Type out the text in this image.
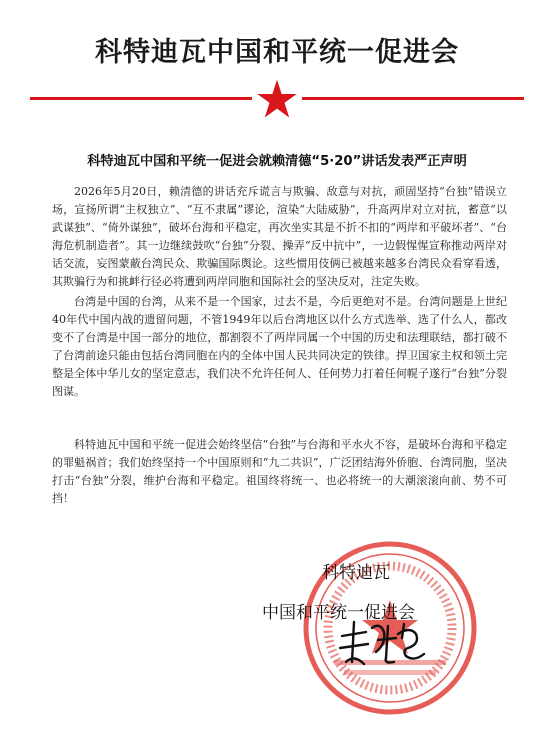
科特迪瓦中国和平统一促进会
科特迪瓦中国和平统一促进会就赖清德“5·20”讲话发表严正声明

2026年5月20日，赖清德的讲话充斥谎言与欺骗、敌意与对抗，顽固坚持“台独”错误立场，宣扬所谓“主权独立”、“互不隶属”谬论，渲染“大陆威胁”，升高两岸对立对抗，蓄意“以武谋独”、“倚外谋独”，破坏台海和平稳定，再次坐实其是不折不扣的“两岸和平破坏者”、“台海危机制造者”。其一边继续鼓吹“台独”分裂、操弄“反中抗中”，一边假惺惺宣称推动两岸对话交流，妄图蒙蔽台湾民众、欺骗国际舆论。这些惯用伎俩已被越来越多台湾民众看穿看透，其欺骗行为和挑衅行径必将遭到两岸同胞和国际社会的坚决反对，注定失败。

台湾是中国的台湾，从来不是一个国家，过去不是，今后更绝对不是。台湾问题是上世纪40年代中国内战的遗留问题，不管1949年以后台湾地区以什么方式选举、选了什么人，都改变不了台湾是中国一部分的地位，都割裂不了两岸同属一个中国的历史和法理联结，都打破不了台湾前途只能由包括台湾同胞在内的全体中国人民共同决定的铁律。捍卫国家主权和领土完整是全体中华儿女的坚定意志，我们决不允许任何人、任何势力打着任何幌子遂行“台独”分裂图谋。

科特迪瓦中国和平统一促进会始终坚信“台独”与台海和平水火不容，是破坏台海和平稳定的罪魁祸首；我们始终坚持一个中国原则和“九二共识”，广泛团结海外侨胞、台湾同胞，坚决打击“台独”分裂，维护台海和平稳定。祖国终将统一、也必将统一的大潮滚滚向前、势不可挡！

科特迪瓦
中国和平统一促进会
